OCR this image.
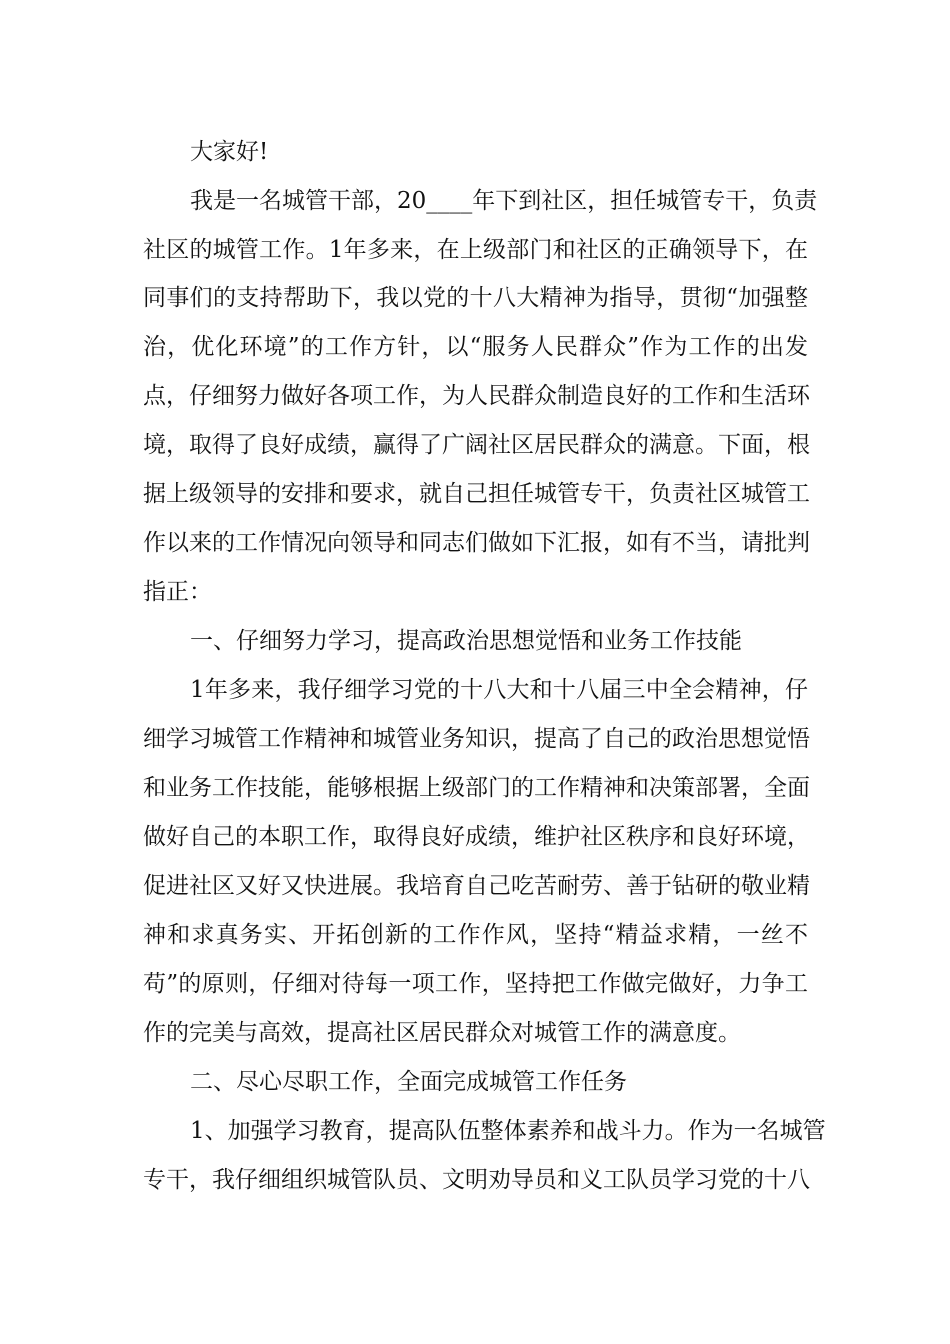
大家好!
我是一名城管干部，20____年下到社区，担任城管专干，负责
社区的城管工作。1年多来，在上级部门和社区的正确领导下，在
同事们的支持帮助下，我以党的十八大精神为指导，贯彻“加强整
治，优化环境”的工作方针，以“服务人民群众”作为工作的出发
点，仔细努力做好各项工作，为人民群众制造良好的工作和生活环
境，取得了良好成绩，赢得了广阔社区居民群众的满意。下面，根
据上级领导的安排和要求，就自己担任城管专干，负责社区城管工
作以来的工作情况向领导和同志们做如下汇报，如有不当，请批判
指正：
一、仔细努力学习，提高政治思想觉悟和业务工作技能
1年多来，我仔细学习党的十八大和十八届三中全会精神，仔
细学习城管工作精神和城管业务知识，提高了自己的政治思想觉悟
和业务工作技能，能够根据上级部门的工作精神和决策部署，全面
做好自己的本职工作，取得良好成绩，维护社区秩序和良好环境，
促进社区又好又快进展。我培育自己吃苦耐劳、善于钻研的敬业精
神和求真务实、开拓创新的工作作风，坚持“精益求精，一丝不
苟”的原则，仔细对待每一项工作，坚持把工作做完做好，力争工
作的完美与高效，提高社区居民群众对城管工作的满意度。
二、尽心尽职工作，全面完成城管工作任务
1、加强学习教育，提高队伍整体素养和战斗力。作为一名城管
专干，我仔细组织城管队员、文明劝导员和义工队员学习党的十八
